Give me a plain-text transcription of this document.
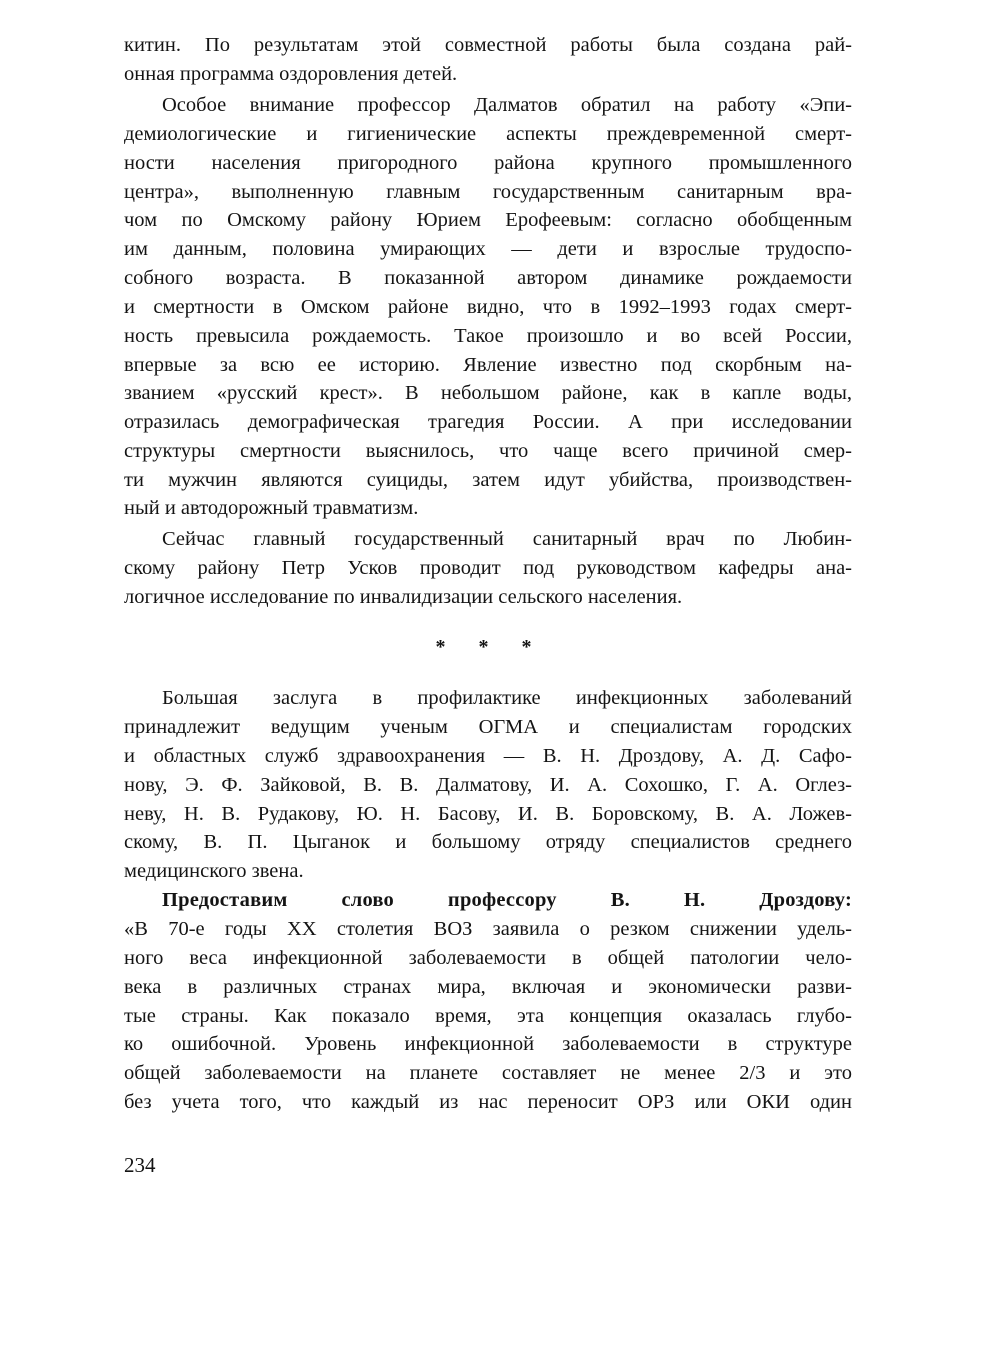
китин. По результатам этой совместной работы была создана рай-
онная программа оздоровления детей.
Особое внимание профессор Далматов обратил на работу «Эпи-
демиологические и гигиенические аспекты преждевременной смерт-
ности населения пригородного района крупного промышленного
центра», выполненную главным государственным санитарным вра-
чом по Омскому району Юрием Ерофеевым: согласно обобщенным
им данным, половина умирающих — дети и взрослые трудоспо-
собного возраста. В показанной автором динамике рождаемости
и смертности в Омском районе видно, что в 1992–1993 годах смерт-
ность превысила рождаемость. Такое произошло и во всей России,
впервые за всю ее историю. Явление известно под скорбным на-
званием «русский крест». В небольшом районе, как в капле воды,
отразилась демографическая трагедия России. А при исследовании
структуры смертности выяснилось, что чаще всего причиной смер-
ти мужчин являются суициды, затем идут убийства, производствен-
ный и автодорожный травматизм.
Сейчас главный государственный санитарный врач по Любин-
скому району Петр Усков проводит под руководством кафедры ана-
логичное исследование по инвалидизации сельского населения.
* * *
Большая заслуга в профилактике инфекционных заболеваний
принадлежит ведущим ученым ОГМА и специалистам городских
и областных служб здравоохранения — В. Н. Дроздову, А. Д. Сафо-
нову, Э. Ф. Зайковой, В. В. Далматову, И. А. Сохошко, Г. А. Оглез-
неву, Н. В. Рудакову, Ю. Н. Басову, И. В. Боровскому, В. А. Ложев-
скому, В. П. Цыганок и большому отряду специалистов среднего
медицинского звена.
Предоставим слово профессору В. Н. Дроздову:
«В 70-е годы XX столетия ВОЗ заявила о резком снижении удель-
ного веса инфекционной заболеваемости в общей патологии чело-
века в различных странах мира, включая и экономически разви-
тые страны. Как показало время, эта концепция оказалась глубо-
ко ошибочной. Уровень инфекционной заболеваемости в структуре
общей заболеваемости на планете составляет не менее 2/3 и это
без учета того, что каждый из нас переносит ОРЗ или ОКИ один
234
